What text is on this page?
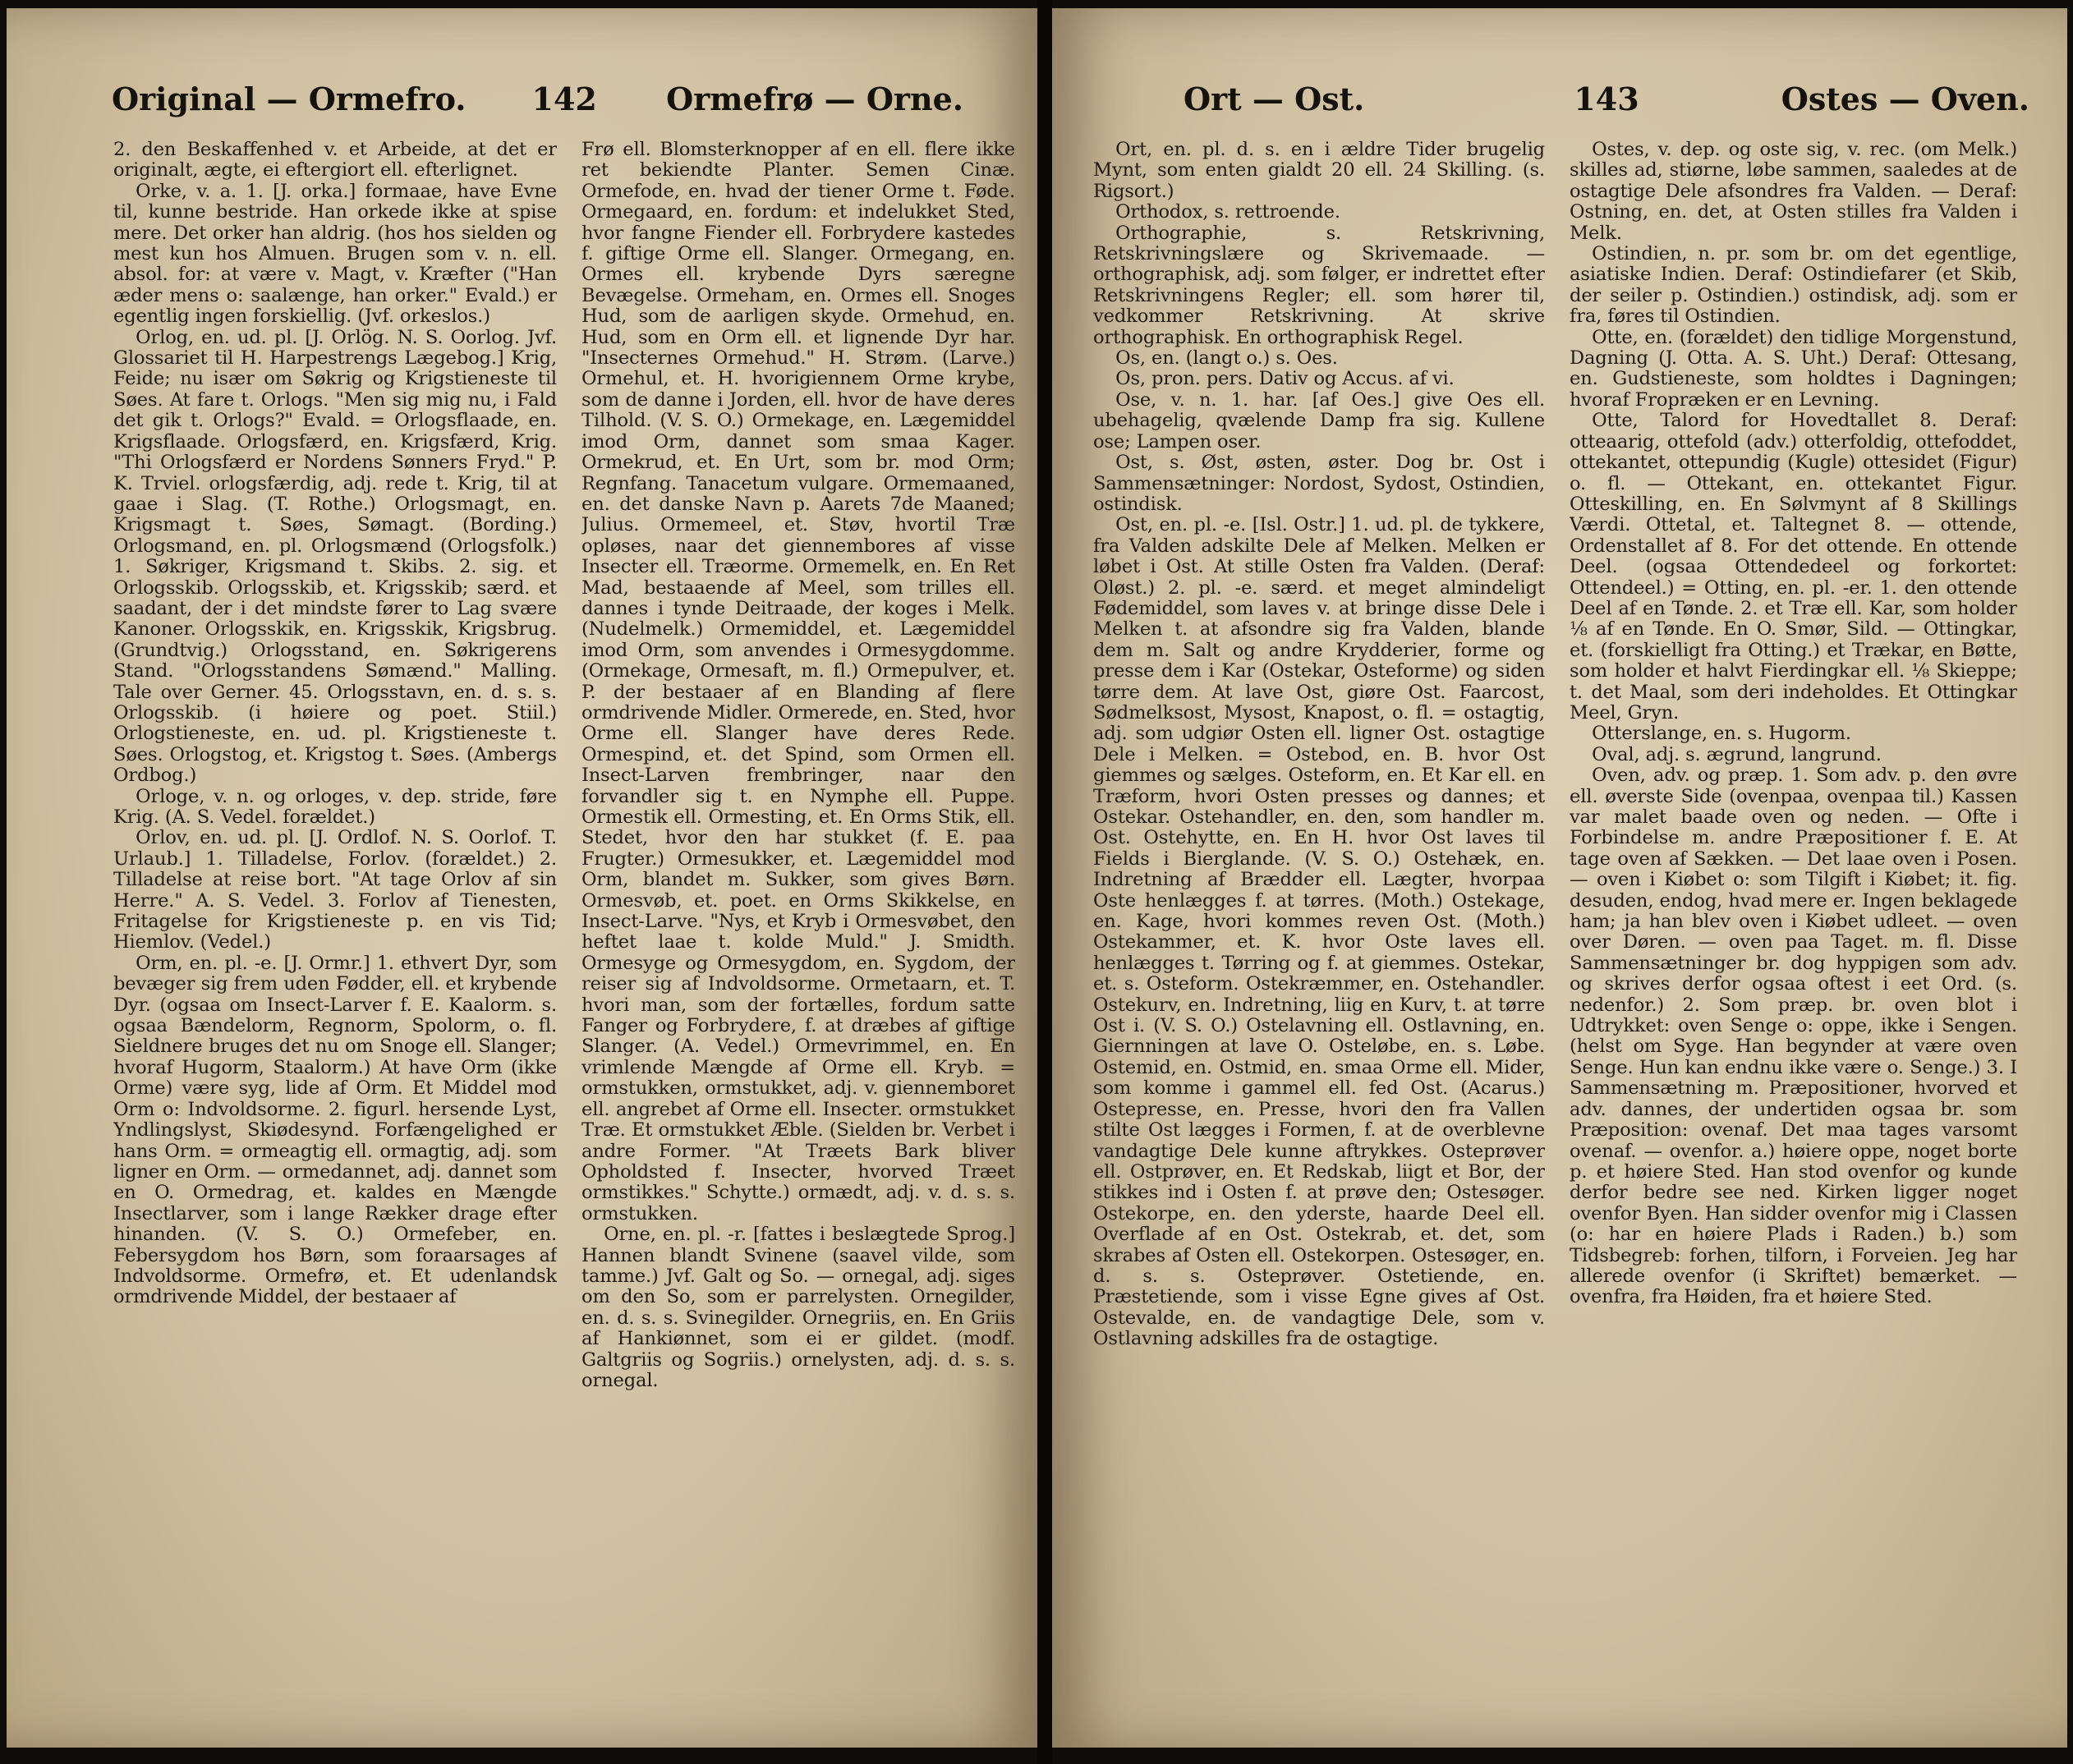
Original — Ormefro.	142	Ormefrø — Orne.

2. den Beskaffenhed v. et Arbeide, at det er originalt, ægte, ei eftergiort ell. efterlignet.

Orke, v. a. 1. [J. orka.] formaae, have Evne til, kunne bestride. Han orkede ikke at spise mere. Det orker han aldrig. (hos hos sielden og mest kun hos Almuen. Brugen som v. n. ell. absol. for: at være v. Magt, v. Kræfter ("Han æder mens o: saalænge, han orker." Evald.) er egentlig ingen forskiellig. (Jvf. orkeslos.)

Orlog, en. ud. pl. [J. Orlög. N. S. Oorlog. Jvf. Glossariet til H. Harpestrengs Lægebog.] Krig, Feide; nu især om Søkrig og Krigstieneste til Søes. At fare t. Orlogs. "Men sig mig nu, i Fald det gik t. Orlogs?" Evald. = Orlogsflaade, en. Krigsflaade. Orlogsfærd, en. Krigsfærd, Krig. "Thi Orlogsfærd er Nordens Sønners Fryd." P. K. Trviel. orlogsfærdig, adj. rede t. Krig, til at gaae i Slag. (T. Rothe.) Orlogsmagt, en. Krigsmagt t. Søes, Sømagt. (Bording.) Orlogsmand, en. pl. Orlogsmænd (Orlogsfolk.) 1. Søkriger, Krigsmand t. Skibs. 2. sig. et Orlogsskib. Orlogsskib, et. Krigsskib; særd. et saadant, der i det mindste fører to Lag svære Kanoner. Orlogsskik, en. Krigsskik, Krigsbrug. (Grundtvig.) Orlogsstand, en. Søkrigerens Stand. "Orlogsstandens Sømænd." Malling. Tale over Gerner. 45. Orlogsstavn, en. d. s. s. Orlogsskib. (i høiere og poet. Stiil.) Orlogstieneste, en. ud. pl. Krigstieneste t. Søes. Orlogstog, et. Krigstog t. Søes. (Ambergs Ordbog.)

Orloge, v. n. og orloges, v. dep. stride, føre Krig. (A. S. Vedel. forældet.)

Orlov, en. ud. pl. [J. Ordlof. N. S. Oorlof. T. Urlaub.] 1. Tilladelse, Forlov. (forældet.) 2. Tilladelse at reise bort. "At tage Orlov af sin Herre." A. S. Vedel. 3. Forlov af Tienesten, Fritagelse for Krigstieneste p. en vis Tid; Hiemlov. (Vedel.)

Orm, en. pl. -e. [J. Ormr.] 1. ethvert Dyr, som bevæger sig frem uden Fødder, ell. et krybende Dyr. (ogsaa om Insect-Larver f. E. Kaalorm. s. ogsaa Bændelorm, Regnorm, Spolorm, o. fl. Sieldnere bruges det nu om Snoge ell. Slanger; hvoraf Hugorm, Staalorm.) At have Orm (ikke Orme) være syg, lide af Orm. Et Middel mod Orm o: Indvoldsorme. 2. figurl. hersende Lyst, Yndlingslyst, Skiødesynd. Forfængelighed er hans Orm. = ormeagtig ell. ormagtig, adj. som ligner en Orm. — ormedannet, adj. dannet som en O. Ormedrag, et. kaldes en Mængde Insectlarver, som i lange Rækker drage efter hinanden. (V. S. O.) Ormefeber, en. Febersygdom hos Børn, som foraarsages af Indvoldsorme. Ormefrø, et. Et udenlandsk ormdrivende Middel, der bestaaer af

Frø ell. Blomsterknopper af en ell. flere ikke ret bekiendte Planter. Semen Cinæ. Ormefode, en. hvad der tiener Orme t. Føde. Ormegaard, en. fordum: et indelukket Sted, hvor fangne Fiender ell. Forbrydere kastedes f. giftige Orme ell. Slanger. Ormegang, en. Ormes ell. krybende Dyrs særegne Bevægelse. Ormeham, en. Ormes ell. Snoges Hud, som de aarligen skyde. Ormehud, en. Hud, som en Orm ell. et lignende Dyr har. "Insecternes Ormehud." H. Strøm. (Larve.) Ormehul, et. H. hvorigiennem Orme krybe, som de danne i Jorden, ell. hvor de have deres Tilhold. (V. S. O.) Ormekage, en. Lægemiddel imod Orm, dannet som smaa Kager. Ormekrud, et. En Urt, som br. mod Orm; Regnfang. Tanacetum vulgare. Ormemaaned, en. det danske Navn p. Aarets 7de Maaned; Julius. Ormemeel, et. Støv, hvortil Træ opløses, naar det giennembores af visse Insecter ell. Træorme. Ormemelk, en. En Ret Mad, bestaaende af Meel, som trilles ell. dannes i tynde Deitraade, der koges i Melk. (Nudelmelk.) Ormemiddel, et. Lægemiddel imod Orm, som anvendes i Ormesygdomme. (Ormekage, Ormesaft, m. fl.) Ormepulver, et. P. der bestaaer af en Blanding af flere ormdrivende Midler. Ormerede, en. Sted, hvor Orme ell. Slanger have deres Rede. Ormespind, et. det Spind, som Ormen ell. Insect-Larven frembringer, naar den forvandler sig t. en Nymphe ell. Puppe. Ormestik ell. Ormesting, et. En Orms Stik, ell. Stedet, hvor den har stukket (f. E. paa Frugter.) Ormesukker, et. Lægemiddel mod Orm, blandet m. Sukker, som gives Børn. Ormesvøb, et. poet. en Orms Skikkelse, en Insect-Larve. "Nys, et Kryb i Ormesvøbet, den heftet laae t. kolde Muld." J. Smidth. Ormesyge og Ormesygdom, en. Sygdom, der reiser sig af Indvoldsorme. Ormetaarn, et. T. hvori man, som der fortælles, fordum satte Fanger og Forbrydere, f. at dræbes af giftige Slanger. (A. Vedel.) Ormevrimmel, en. En vrimlende Mængde af Orme ell. Kryb. = ormstukken, ormstukket, adj. v. giennemboret ell. angrebet af Orme ell. Insecter. ormstukket Træ. Et ormstukket Æble. (Sielden br. Verbet i andre Former. "At Træets Bark bliver Opholdsted f. Insecter, hvorved Træet ormstikkes." Schytte.) ormædt, adj. v. d. s. s. ormstukken.

Orne, en. pl. -r. [fattes i beslægtede Sprog.] Hannen blandt Svinene (saavel vilde, som tamme.) Jvf. Galt og So. — ornegal, adj. siges om den So, som er parrelysten. Ornegilder, en. d. s. s. Svinegilder. Ornegriis, en. En Griis af Hankiønnet, som ei er gildet. (modf. Galtgriis og Sogriis.) ornelysten, adj. d. s. s. ornegal.

Ort — Ost.	143	Ostes — Oven.

Ort, en. pl. d. s. en i ældre Tider brugelig Mynt, som enten gialdt 20 ell. 24 Skilling. (s. Rigsort.)

Orthodox, s. rettroende.

Orthographie, s. Retskrivning, Retskrivningslære og Skrivemaade. — orthographisk, adj. som følger, er indrettet efter Retskrivningens Regler; ell. som hører til, vedkommer Retskrivning. At skrive orthographisk. En orthographisk Regel.

Os, en. (langt o.) s. Oes.

Os, pron. pers. Dativ og Accus. af vi.

Ose, v. n. 1. har. [af Oes.] give Oes ell. ubehagelig, qvælende Damp fra sig. Kullene ose; Lampen oser.

Ost, s. Øst, østen, øster. Dog br. Ost i Sammensætninger: Nordost, Sydost, Ostindien, ostindisk.

Ost, en. pl. -e. [Isl. Ostr.] 1. ud. pl. de tykkere, fra Valden adskilte Dele af Melken. Melken er løbet i Ost. At stille Osten fra Valden. (Deraf: Oløst.) 2. pl. -e. særd. et meget almindeligt Fødemiddel, som laves v. at bringe disse Dele i Melken t. at afsondre sig fra Valden, blande dem m. Salt og andre Krydderier, forme og presse dem i Kar (Ostekar, Osteforme) og siden tørre dem. At lave Ost, giøre Ost. Faarcost, Sødmelksost, Mysost, Knapost, o. fl. = ostagtig, adj. som udgiør Osten ell. ligner Ost. ostagtige Dele i Melken. = Ostebod, en. B. hvor Ost giemmes og sælges. Osteform, en. Et Kar ell. en Træform, hvori Osten presses og dannes; et Ostekar. Ostehandler, en. den, som handler m. Ost. Ostehytte, en. En H. hvor Ost laves til Fields i Bierglande. (V. S. O.) Ostehæk, en. Indretning af Brædder ell. Lægter, hvorpaa Oste henlægges f. at tørres. (Moth.) Ostekage, en. Kage, hvori kommes reven Ost. (Moth.) Ostekammer, et. K. hvor Oste laves ell. henlægges t. Tørring og f. at giemmes. Ostekar, et. s. Osteform. Ostekræmmer, en. Ostehandler. Ostekurv, en. Indretning, liig en Kurv, t. at tørre Ost i. (V. S. O.) Ostelavning ell. Ostlavning, en. Giernningen at lave O. Osteløbe, en. s. Løbe. Ostemid, en. Ostmid, en. smaa Orme ell. Mider, som komme i gammel ell. fed Ost. (Acarus.) Ostepresse, en. Presse, hvori den fra Vallen stilte Ost lægges i Formen, f. at de overblevne vandagtige Dele kunne aftrykkes. Osteprøver ell. Ostprøver, en. Et Redskab, liigt et Bor, der stikkes ind i Osten f. at prøve den; Ostesøger. Ostekorpe, en. den yderste, haarde Deel ell. Overflade af en Ost. Ostekrab, et. det, som skrabes af Osten ell. Ostekorpen. Ostesøger, en. d. s. s. Osteprøver. Ostetiende, en. Præstetiende, som i visse Egne gives af Ost. Ostevalde, en. de vandagtige Dele, som v. Ostlavning adskilles fra de ostagtige.

Ostes, v. dep. og oste sig, v. rec. (om Melk.) skilles ad, stiørne, løbe sammen, saaledes at de ostagtige Dele afsondres fra Valden. — Deraf: Ostning, en. det, at Osten stilles fra Valden i Melk.

Ostindien, n. pr. som br. om det egentlige, asiatiske Indien. Deraf: Ostindiefarer (et Skib, der seiler p. Ostindien.) ostindisk, adj. som er fra, føres til Ostindien.

Otte, en. (forældet) den tidlige Morgenstund, Dagning (J. Otta. A. S. Uht.) Deraf: Ottesang, en. Gudstieneste, som holdtes i Dagningen; hvoraf Fropræken er en Levning.

Otte, Talord for Hovedtallet 8. Deraf: otteaarig, ottefold (adv.) otterfoldig, ottefoddet, ottekantet, ottepundig (Kugle) ottesidet (Figur) o. fl. — Ottekant, en. ottekantet Figur. Otteskilling, en. En Sølvmynt af 8 Skillings Værdi. Ottetal, et. Taltegnet 8. — ottende, Ordenstallet af 8. For det ottende. En ottende Deel. (ogsaa Ottendedeel og forkortet: Ottendeel.) = Otting, en. pl. -er. 1. den ottende Deel af en Tønde. 2. et Træ ell. Kar, som holder ⅛ af en Tønde. En O. Smør, Sild. — Ottingkar, et. (forskielligt fra Otting.) et Trækar, en Bøtte, som holder et halvt Fierdingkar ell. ⅛ Skieppe; t. det Maal, som deri indeholdes. Et Ottingkar Meel, Gryn.

Otterslange, en. s. Hugorm.

Oval, adj. s. ægrund, langrund.

Oven, adv. og præp. 1. Som adv. p. den øvre ell. øverste Side (ovenpaa, ovenpaa til.) Kassen var malet baade oven og neden. — Ofte i Forbindelse m. andre Præpositioner f. E. At tage oven af Sækken. — Det laae oven i Posen. — oven i Kiøbet o: som Tilgift i Kiøbet; it. fig. desuden, endog, hvad mere er. Ingen beklagede ham; ja han blev oven i Kiøbet udleet. — oven over Døren. — oven paa Taget. m. fl. Disse Sammensætninger br. dog hyppigen som adv. og skrives derfor ogsaa oftest i eet Ord. (s. nedenfor.) 2. Som præp. br. oven blot i Udtrykket: oven Senge o: oppe, ikke i Sengen. (helst om Syge. Han begynder at være oven Senge. Hun kan endnu ikke være o. Senge.) 3. I Sammensætning m. Præpositioner, hvorved et adv. dannes, der undertiden ogsaa br. som Præposition: ovenaf. Det maa tages varsomt ovenaf. — ovenfor. a.) høiere oppe, noget borte p. et høiere Sted. Han stod ovenfor og kunde derfor bedre see ned. Kirken ligger noget ovenfor Byen. Han sidder ovenfor mig i Classen (o: har en høiere Plads i Raden.) b.) som Tidsbegreb: forhen, tilforn, i Forveien. Jeg har allerede ovenfor (i Skriftet) bemærket. — ovenfra, fra Høiden, fra et høiere Sted.
